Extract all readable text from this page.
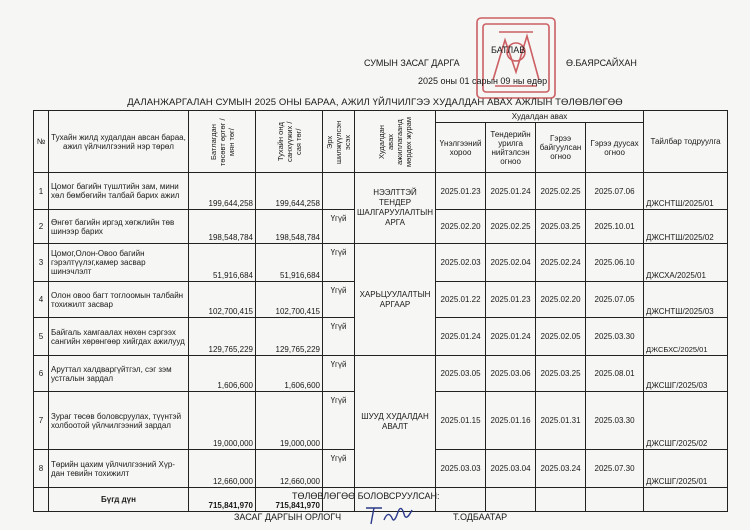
БАТЛАВ
СУМЫН ЗАСАГ ДАРГА	Ө.БАЯРСАЙХАН
2025 оны 01 сарын 09 ны өдөр
ДАЛАНЖАРГАЛАН СУМЫН 2025 ОНЫ БАРАА, АЖИЛ ҮЙЛЧИЛГЭЭ ХУДАЛДАН АВАХ АЖЛЫН ТӨЛӨВЛӨГӨӨ
№	Тухайн жилд худалдан авсан бараа, ажил үйлчилгээний нэр төрөл	Батлагдан төсөвт өртөг /мян төг/	Тухайн онд санхүүжих /сая төг/	Эрх шилжүүлсэн эсэх	Худалдан авах ажиллагаанд мөрдөх журам	Худалдан авах				Тайлбар тодруулга
						Үнэлгээний хороо	Тендерийн урилга нийтэлсэн огноо	Гэрээ байгуулсан огноо	Гэрээ дуусах огноо	
1	Цомог багийн түшлтийн зам, мини хөл бөмбөгийн талбай барих ажил	199,644,258	199,644,258		НЭЭЛТТЭЙ ТЕНДЕР ШАЛГАРУУЛАЛТЫН АРГА	2025.01.23	2025.01.24	2025.02.25	2025.07.06	ДЖСНТШ/2025/01
2	Өнгөт багийн иргэд хөгжлийн төв шинээр барих	198,548,784	198,548,784	Үгүй		2025.02.20	2025.02.25	2025.03.25	2025.10.01	ДЖСНТШ/2025/02
3	Цомог,Олон-Овоо багийн гэрэлтүүлэг,камер засвар шинэчлэлт	51,916,684	51,916,684	Үгүй	ХАРЬЦУУЛАЛТЫН АРГААР	2025.02.03	2025.02.04	2025.02.24	2025.06.10	ДЖСХА/2025/01
4	Олон овоо багт тоглоомын талбайн тохижилт засвар	102,700,415	102,700,415	Үгүй		2025.01.22	2025.01.23	2025.02.20	2025.07.05	ДЖСНТШ/2025/03
5	Байгаль хамгаалах нөхөн сэргээх сангийн хөрөнгөөр хийгдах ажилууд	129,765,229	129,765,229	Үгүй		2025.01.24	2025.01.24	2025.02.05	2025.03.30	ДЖСБХС/2025/01
6	Аруттал халдваргүйтгэл, сэг зэм устгалын зардал	1,606,600	1,606,600	Үгүй	ШУУД ХУДАЛДАН АВАЛТ	2025.03.05	2025.03.06	2025.03.25	2025.08.01	ДЖСШГ/2025/03
7	Зураг төсөв боловсруулах, түүнтэй холбоотой үйлчилгээний зардал	19,000,000	19,000,000	Үгүй		2025.01.15	2025.01.16	2025.01.31	2025.03.30	ДЖСШГ/2025/02
8	Төрийн цахим үйлчилгээний Хүр-дан тевийн тохижилт	12,660,000	12,660,000	Үгүй		2025.03.03	2025.03.04	2025.03.24	2025.07.30	ДЖСШГ/2025/01
	Бүгд дүн	715,841,970	715,841,970							
ТӨЛӨВЛӨГӨӨ БОЛОВСРУУЛСАН:
ЗАСАГ ДАРГЫН ОРЛОГЧ	Т.ОДБААТАР
